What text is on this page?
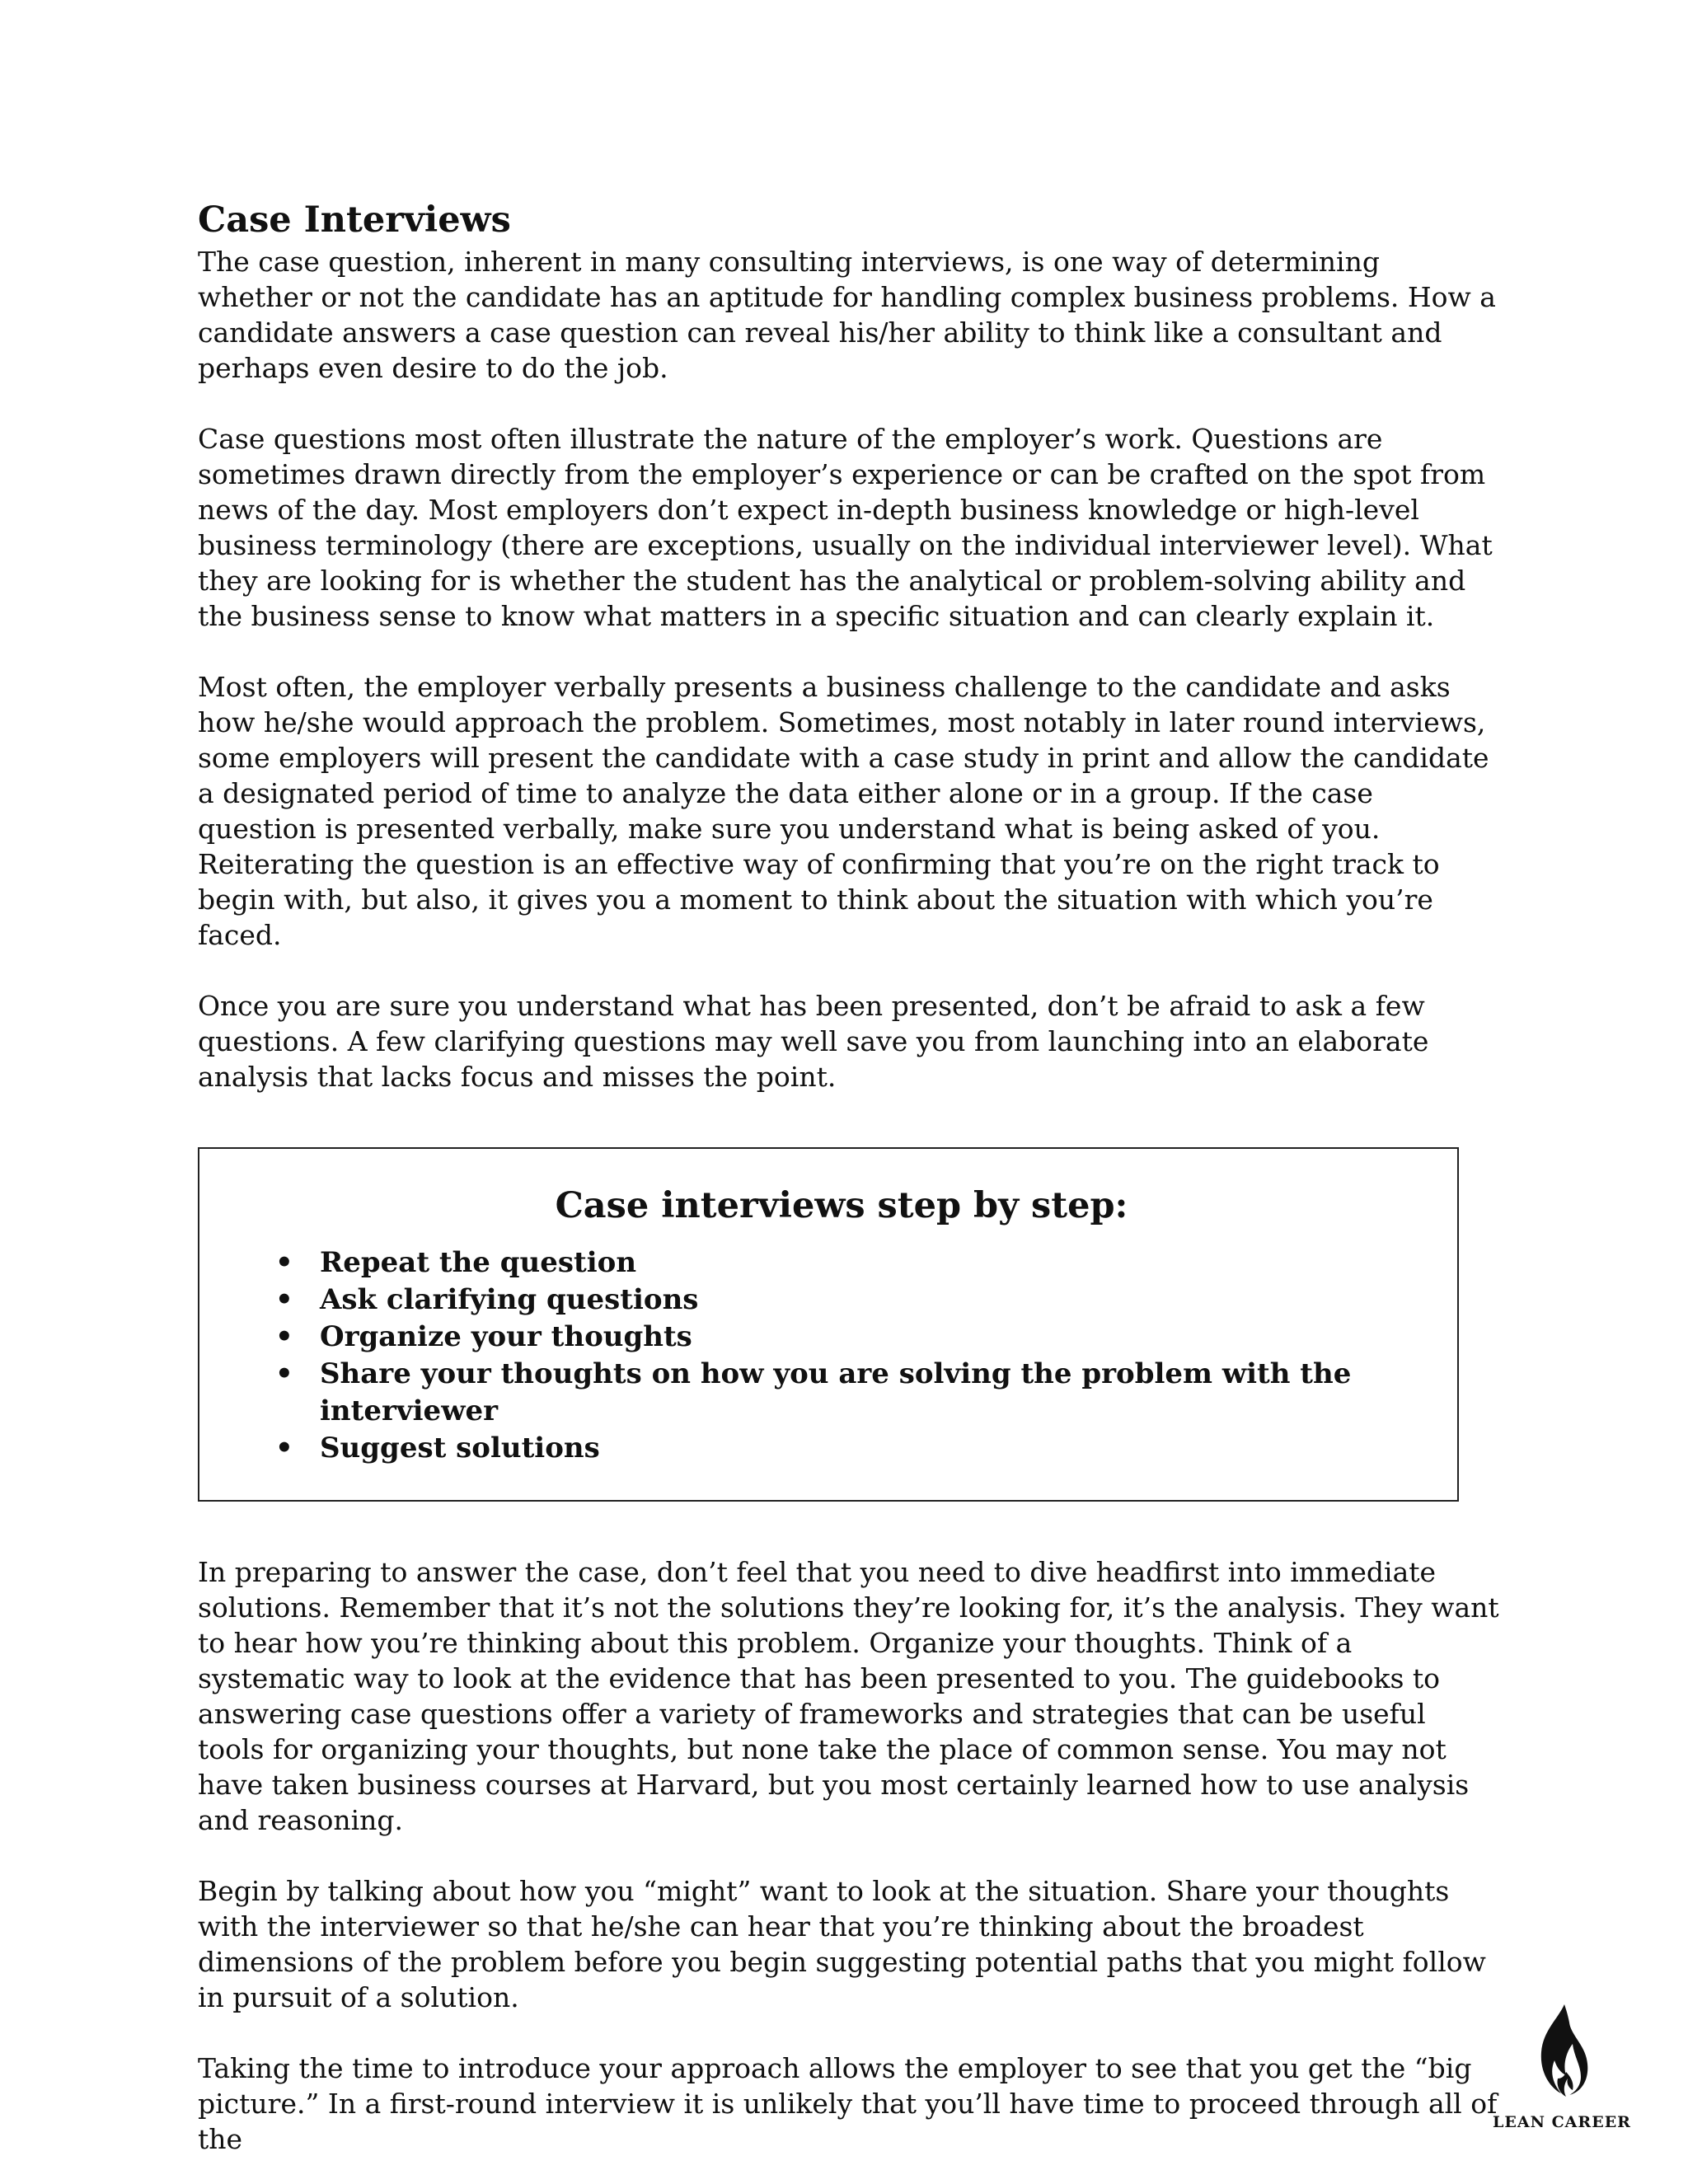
Case Interviews

The case question, inherent in many consulting interviews, is one way of determining whether or not the candidate has an aptitude for handling complex business problems. How a candidate answers a case question can reveal his/her ability to think like a consultant and perhaps even desire to do the job.

Case questions most often illustrate the nature of the employer’s work. Questions are sometimes drawn directly from the employer’s experience or can be crafted on the spot from news of the day. Most employers don’t expect in-depth business knowledge or high-level business terminology (there are exceptions, usually on the individual interviewer level). What they are looking for is whether the student has the analytical or problem-solving ability and the business sense to know what matters in a specific situation and can clearly explain it.

Most often, the employer verbally presents a business challenge to the candidate and asks how he/she would approach the problem. Sometimes, most notably in later round interviews, some employers will present the candidate with a case study in print and allow the candidate a designated period of time to analyze the data either alone or in a group. If the case question is presented verbally, make sure you understand what is being asked of you. Reiterating the question is an effective way of confirming that you’re on the right track to begin with, but also, it gives you a moment to think about the situation with which you’re faced.

Once you are sure you understand what has been presented, don’t be afraid to ask a few questions. A few clarifying questions may well save you from launching into an elaborate analysis that lacks focus and misses the point.

Case interviews step by step:
• Repeat the question
• Ask clarifying questions
• Organize your thoughts
• Share your thoughts on how you are solving the problem with the interviewer
• Suggest solutions

In preparing to answer the case, don’t feel that you need to dive headfirst into immediate solutions. Remember that it’s not the solutions they’re looking for, it’s the analysis. They want to hear how you’re thinking about this problem. Organize your thoughts. Think of a systematic way to look at the evidence that has been presented to you. The guidebooks to answering case questions offer a variety of frameworks and strategies that can be useful tools for organizing your thoughts, but none take the place of common sense. You may not have taken business courses at Harvard, but you most certainly learned how to use analysis and reasoning.

Begin by talking about how you “might” want to look at the situation. Share your thoughts with the interviewer so that he/she can hear that you’re thinking about the broadest dimensions of the problem before you begin suggesting potential paths that you might follow in pursuit of a solution.

Taking the time to introduce your approach allows the employer to see that you get the “big picture.” In a first-round interview it is unlikely that you’ll have time to proceed through all of the

LEAN CAREER
